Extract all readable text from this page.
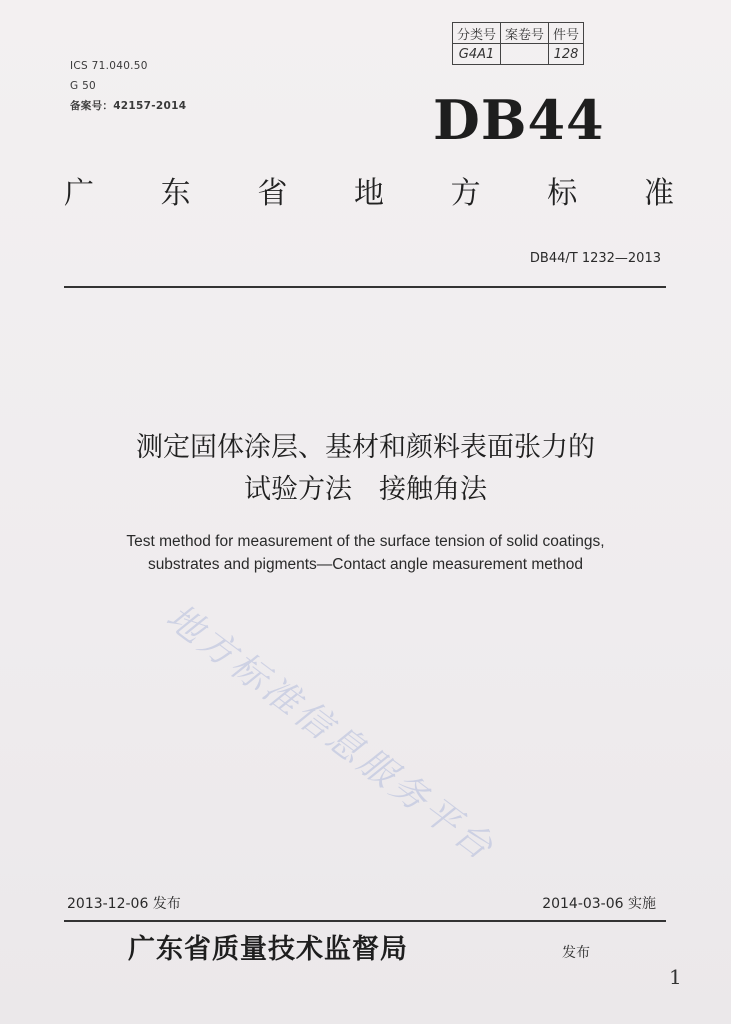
分类号	案卷号	件号
G4A1		128
ICS 71.040.50
G 50
备案号：42157-2014	DB44
广 东 省 地 方 标 准
DB44/T 1232—2013
测定固体涂层、基材和颜料表面张力的
试验方法　接触角法
Test method for measurement of the surface tension of solid coatings,
substrates and pigments—Contact angle measurement method
地方标准信息服务平台
2013-12-06 发布	2014-03-06 实施
广东省质量技术监督局	发布
1
